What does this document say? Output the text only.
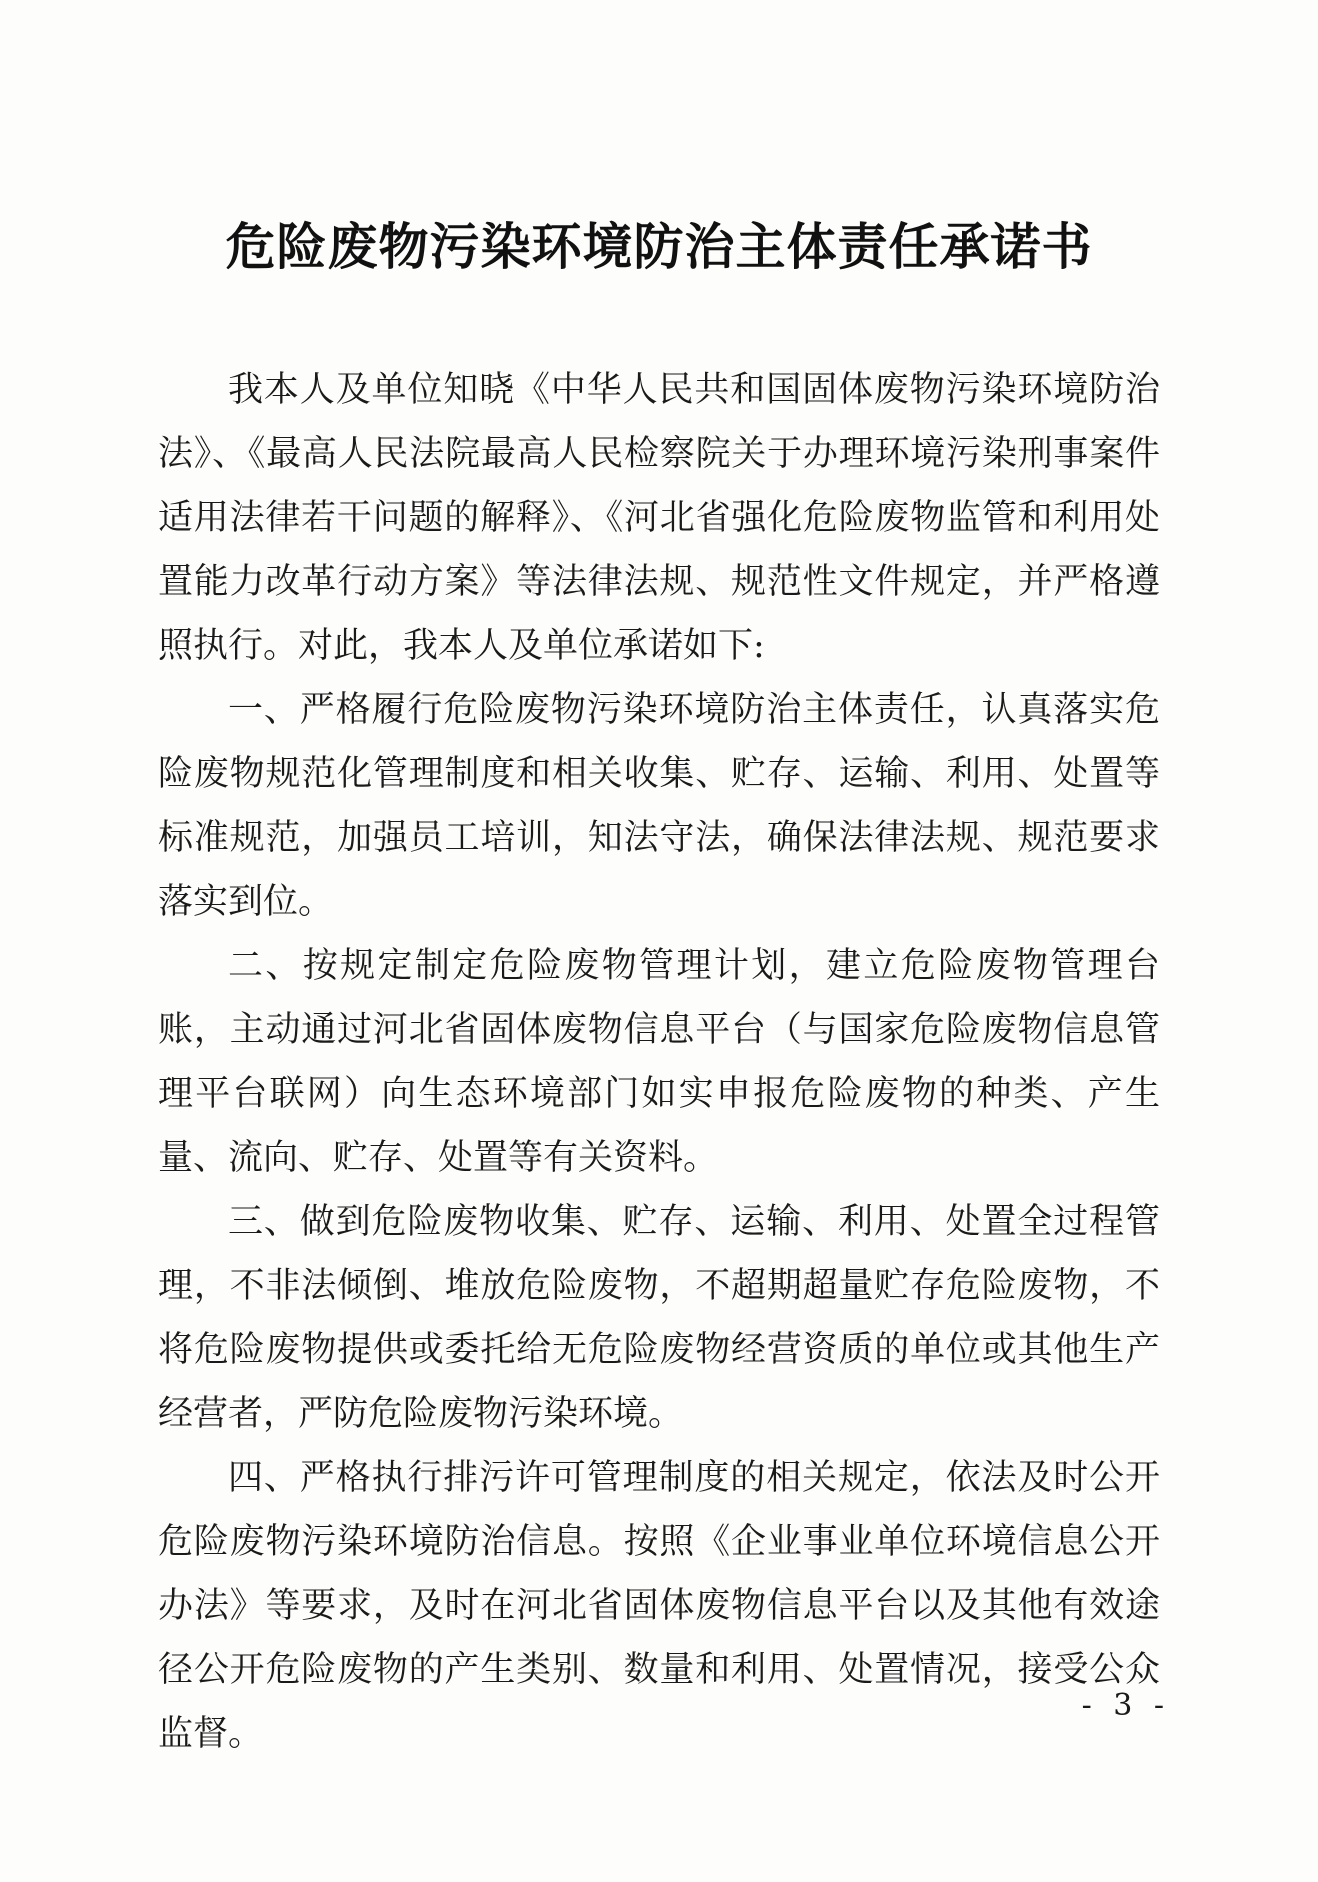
危险废物污染环境防治主体责任承诺书

我本人及单位知晓《中华人民共和国固体废物污染环境防治法》、《最高人民法院最高人民检察院关于办理环境污染刑事案件适用法律若干问题的解释》、《河北省强化危险废物监管和利用处置能力改革行动方案》等法律法规、规范性文件规定，并严格遵照执行。对此，我本人及单位承诺如下:

一、严格履行危险废物污染环境防治主体责任，认真落实危险废物规范化管理制度和相关收集、贮存、运输、利用、处置等标准规范，加强员工培训，知法守法，确保法律法规、规范要求落实到位。

二、按规定制定危险废物管理计划，建立危险废物管理台账，主动通过河北省固体废物信息平台（与国家危险废物信息管理平台联网）向生态环境部门如实申报危险废物的种类、产生量、流向、贮存、处置等有关资料。

三、做到危险废物收集、贮存、运输、利用、处置全过程管理，不非法倾倒、堆放危险废物，不超期超量贮存危险废物，不将危险废物提供或委托给无危险废物经营资质的单位或其他生产经营者，严防危险废物污染环境。

四、严格执行排污许可管理制度的相关规定，依法及时公开危险废物污染环境防治信息。按照《企业事业单位环境信息公开办法》等要求，及时在河北省固体废物信息平台以及其他有效途径公开危险废物的产生类别、数量和利用、处置情况，接受公众监督。

- 3 -
